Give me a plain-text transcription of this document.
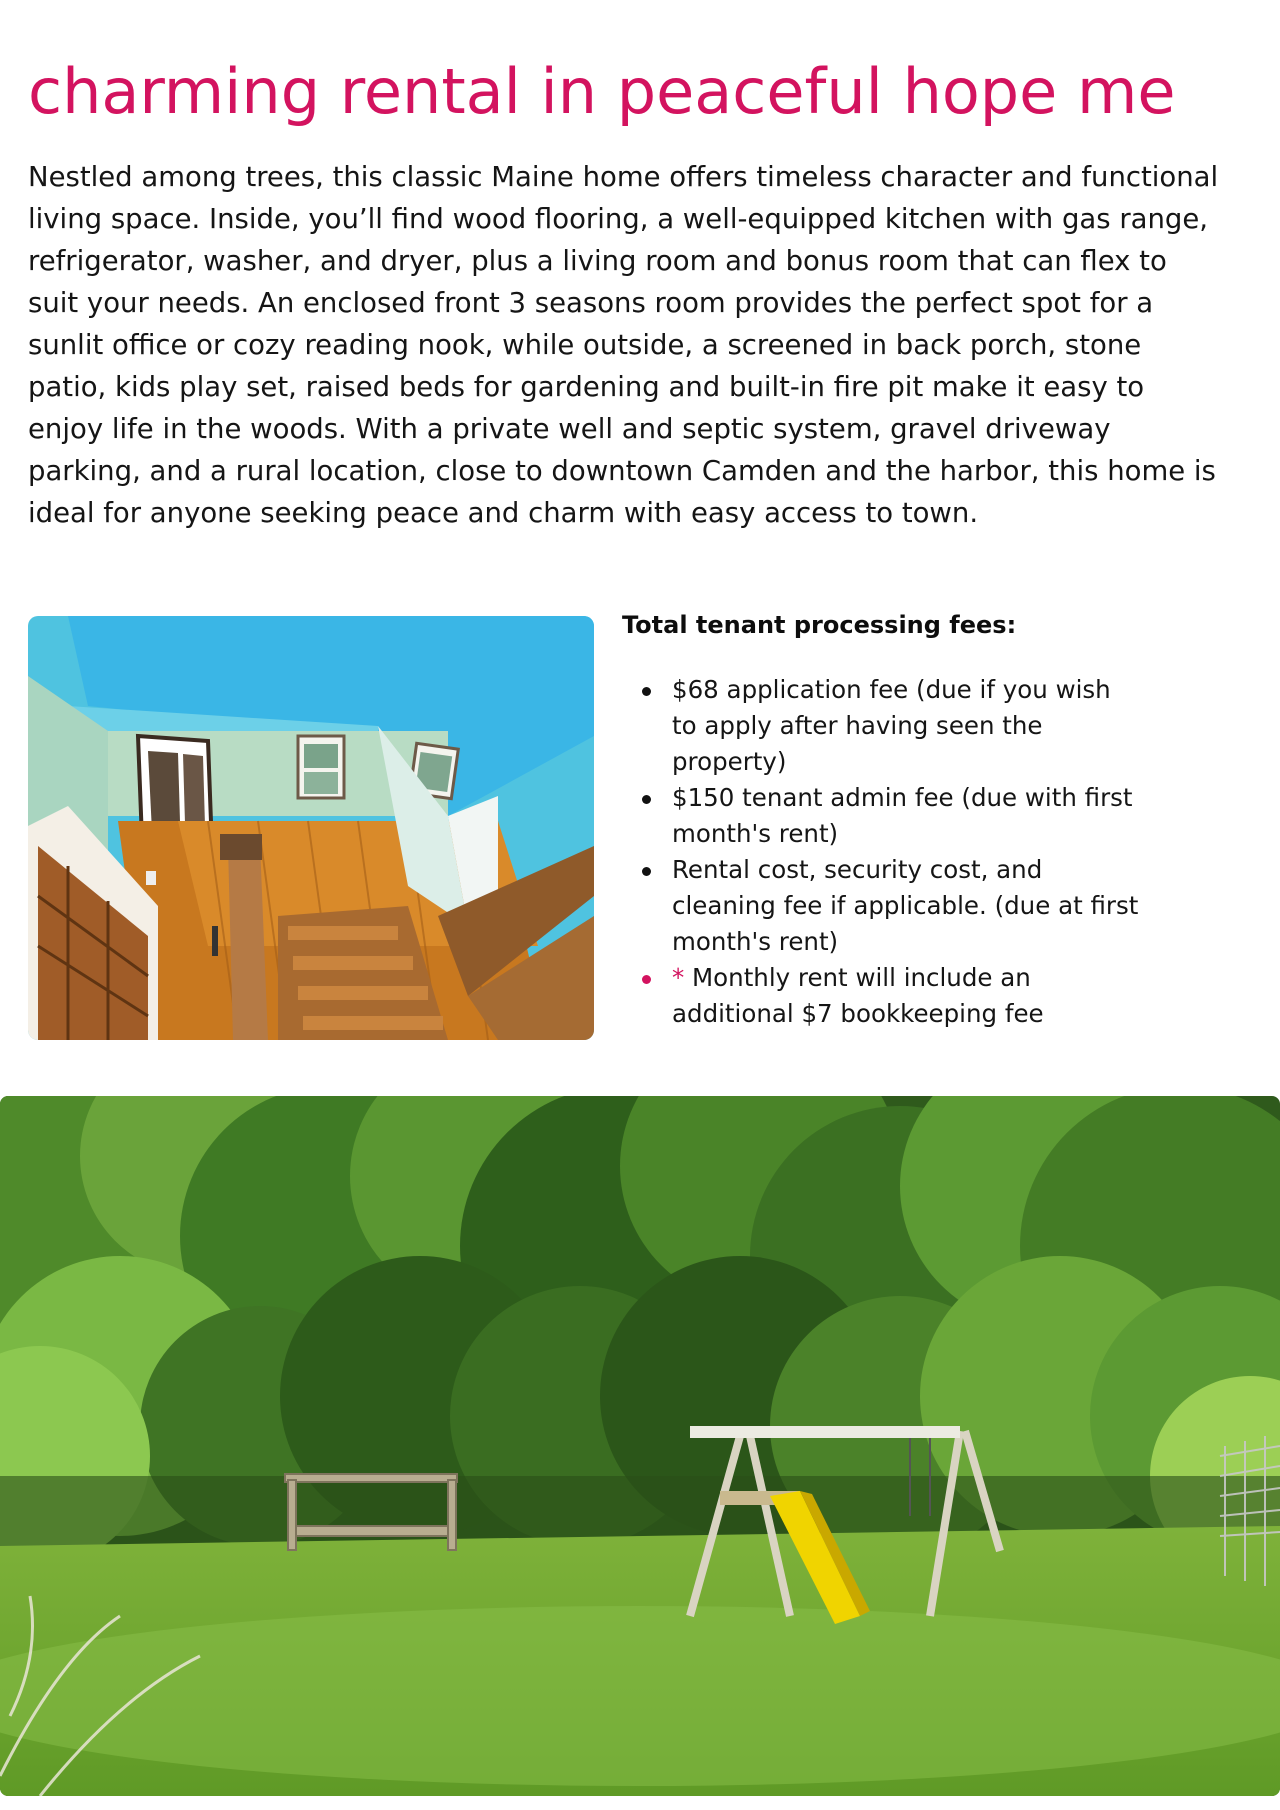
charming rental in peaceful hope me

Nestled among trees, this classic Maine home offers timeless character and functional living space. Inside, you’ll find wood flooring, a well-equipped kitchen with gas range, refrigerator, washer, and dryer, plus a living room and bonus room that can flex to suit your needs. An enclosed front 3 seasons room provides the perfect spot for a sunlit office or cozy reading nook, while outside, a screened in back porch, stone patio, kids play set, raised beds for gardening and built-in fire pit make it easy to enjoy life in the woods. With a private well and septic system, gravel driveway parking, and a rural location, close to downtown Camden and the harbor, this home is ideal for anyone seeking peace and charm with easy access to town.

Total tenant processing fees:

$68 application fee (due if you wish to apply after having seen the property)
$150 tenant admin fee (due with first month's rent)
Rental cost, security cost, and cleaning fee if applicable. (due at first month's rent)
* Monthly rent will include an additional $7 bookkeeping fee
